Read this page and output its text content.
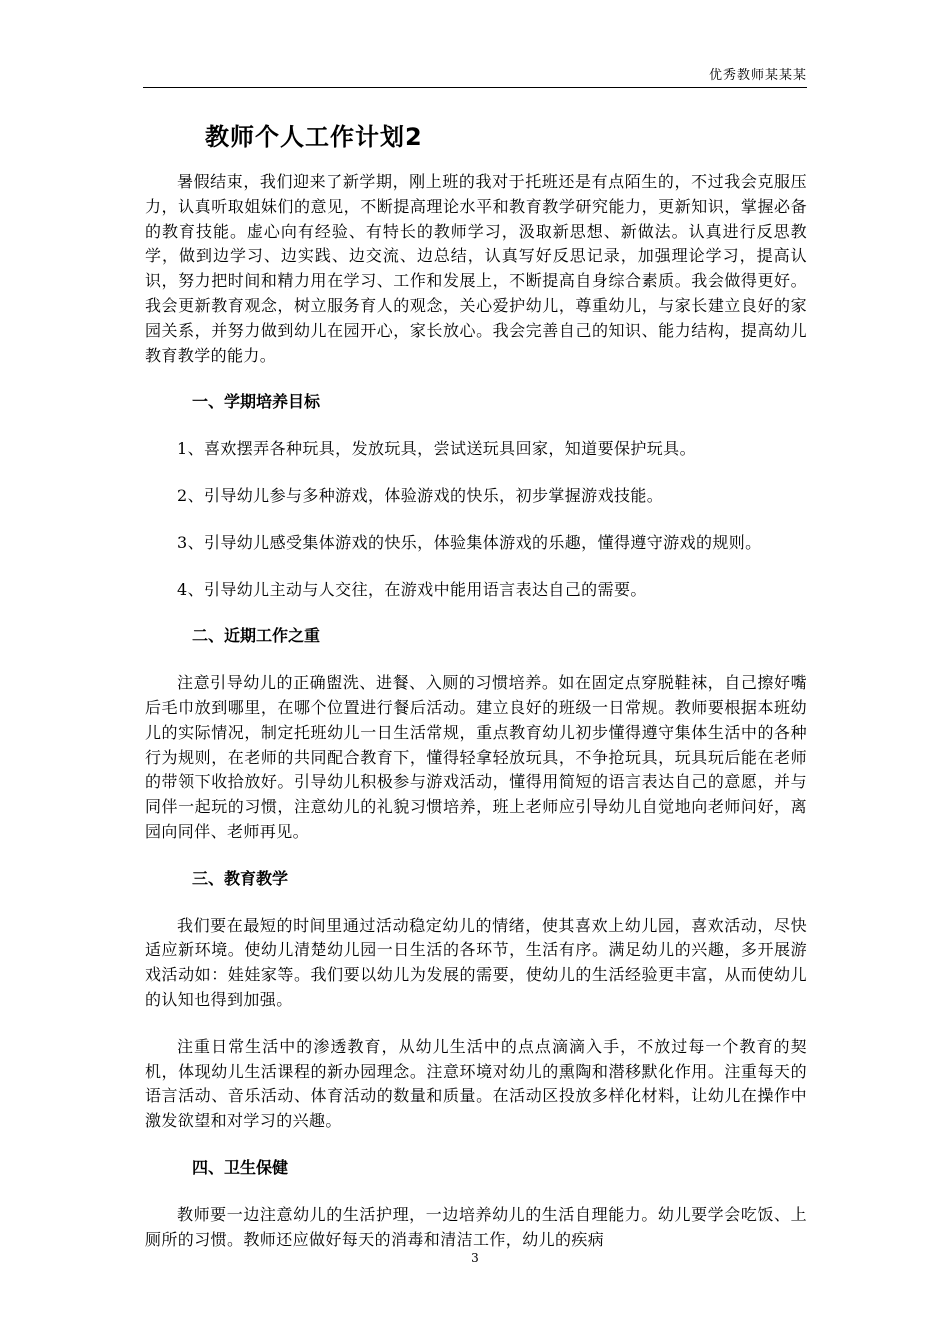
优秀教师某某某
教师个人工作计划2

暑假结束，我们迎来了新学期，刚上班的我对于托班还是有点陌生的，不过我会克服压力，认真听取姐妹们的意见，不断提高理论水平和教育教学研究能力，更新知识，掌握必备的教育技能。虚心向有经验、有特长的教师学习，汲取新思想、新做法。认真进行反思教学，做到边学习、边实践、边交流、边总结，认真写好反思记录，加强理论学习，提高认识，努力把时间和精力用在学习、工作和发展上，不断提高自身综合素质。我会做得更好。我会更新教育观念，树立服务育人的观念，关心爱护幼儿，尊重幼儿，与家长建立良好的家园关系，并努力做到幼儿在园开心，家长放心。我会完善自己的知识、能力结构，提高幼儿教育教学的能力。

一、学期培养目标

1、喜欢摆弄各种玩具，发放玩具，尝试送玩具回家，知道要保护玩具。

2、引导幼儿参与多种游戏，体验游戏的快乐，初步掌握游戏技能。

3、引导幼儿感受集体游戏的快乐，体验集体游戏的乐趣，懂得遵守游戏的规则。

4、引导幼儿主动与人交往，在游戏中能用语言表达自己的需要。

二、近期工作之重

注意引导幼儿的正确盥洗、进餐、入厕的习惯培养。如在固定点穿脱鞋袜，自己擦好嘴后毛巾放到哪里，在哪个位置进行餐后活动。建立良好的班级一日常规。教师要根据本班幼儿的实际情况，制定托班幼儿一日生活常规，重点教育幼儿初步懂得遵守集体生活中的各种行为规则，在老师的共同配合教育下，懂得轻拿轻放玩具，不争抢玩具，玩具玩后能在老师的带领下收拾放好。引导幼儿积极参与游戏活动，懂得用简短的语言表达自己的意愿，并与同伴一起玩的习惯，注意幼儿的礼貌习惯培养，班上老师应引导幼儿自觉地向老师问好，离园向同伴、老师再见。

三、教育教学

我们要在最短的时间里通过活动稳定幼儿的情绪，使其喜欢上幼儿园，喜欢活动，尽快适应新环境。使幼儿清楚幼儿园一日生活的各环节，生活有序。满足幼儿的兴趣，多开展游戏活动如：娃娃家等。我们要以幼儿为发展的需要，使幼儿的生活经验更丰富，从而使幼儿的认知也得到加强。

注重日常生活中的渗透教育，从幼儿生活中的点点滴滴入手，不放过每一个教育的契机，体现幼儿生活课程的新办园理念。注意环境对幼儿的熏陶和潜移默化作用。注重每天的语言活动、音乐活动、体育活动的数量和质量。在活动区投放多样化材料，让幼儿在操作中激发欲望和对学习的兴趣。

四、卫生保健

教师要一边注意幼儿的生活护理，一边培养幼儿的生活自理能力。幼儿要学会吃饭、上厕所的习惯。教师还应做好每天的消毒和清洁工作，幼儿的疾病

3
